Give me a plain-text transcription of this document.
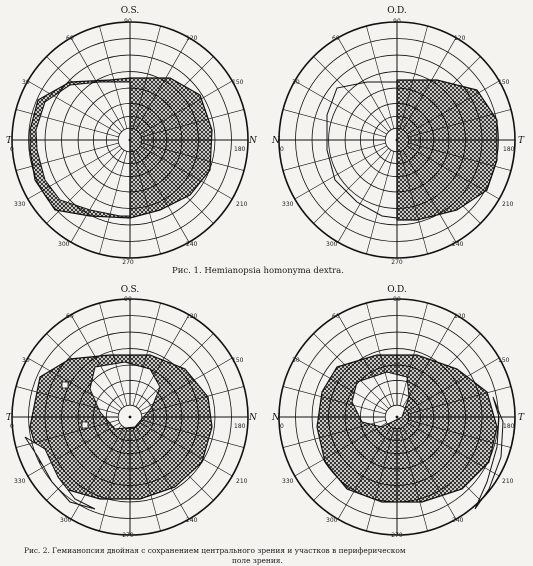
O.S.
T	N
90
60	120
30	150
0	180
330	210
300	240
270
O.D.
N	T
90
60	120
30	150
0	180
330	210
300	240
270
O.S.
T	N
90
60	120
30	150
0	180
330	210
300	240
270
O.D.
N	T
90
60	120
30	150
0	180
330	210
300	240
270
Рис. 1. Hemianopsia homonyma dextra.
Рис. 2. Гемианопсия двойная с сохранением центрального зрения и участков в периферическом
поле зрения.
